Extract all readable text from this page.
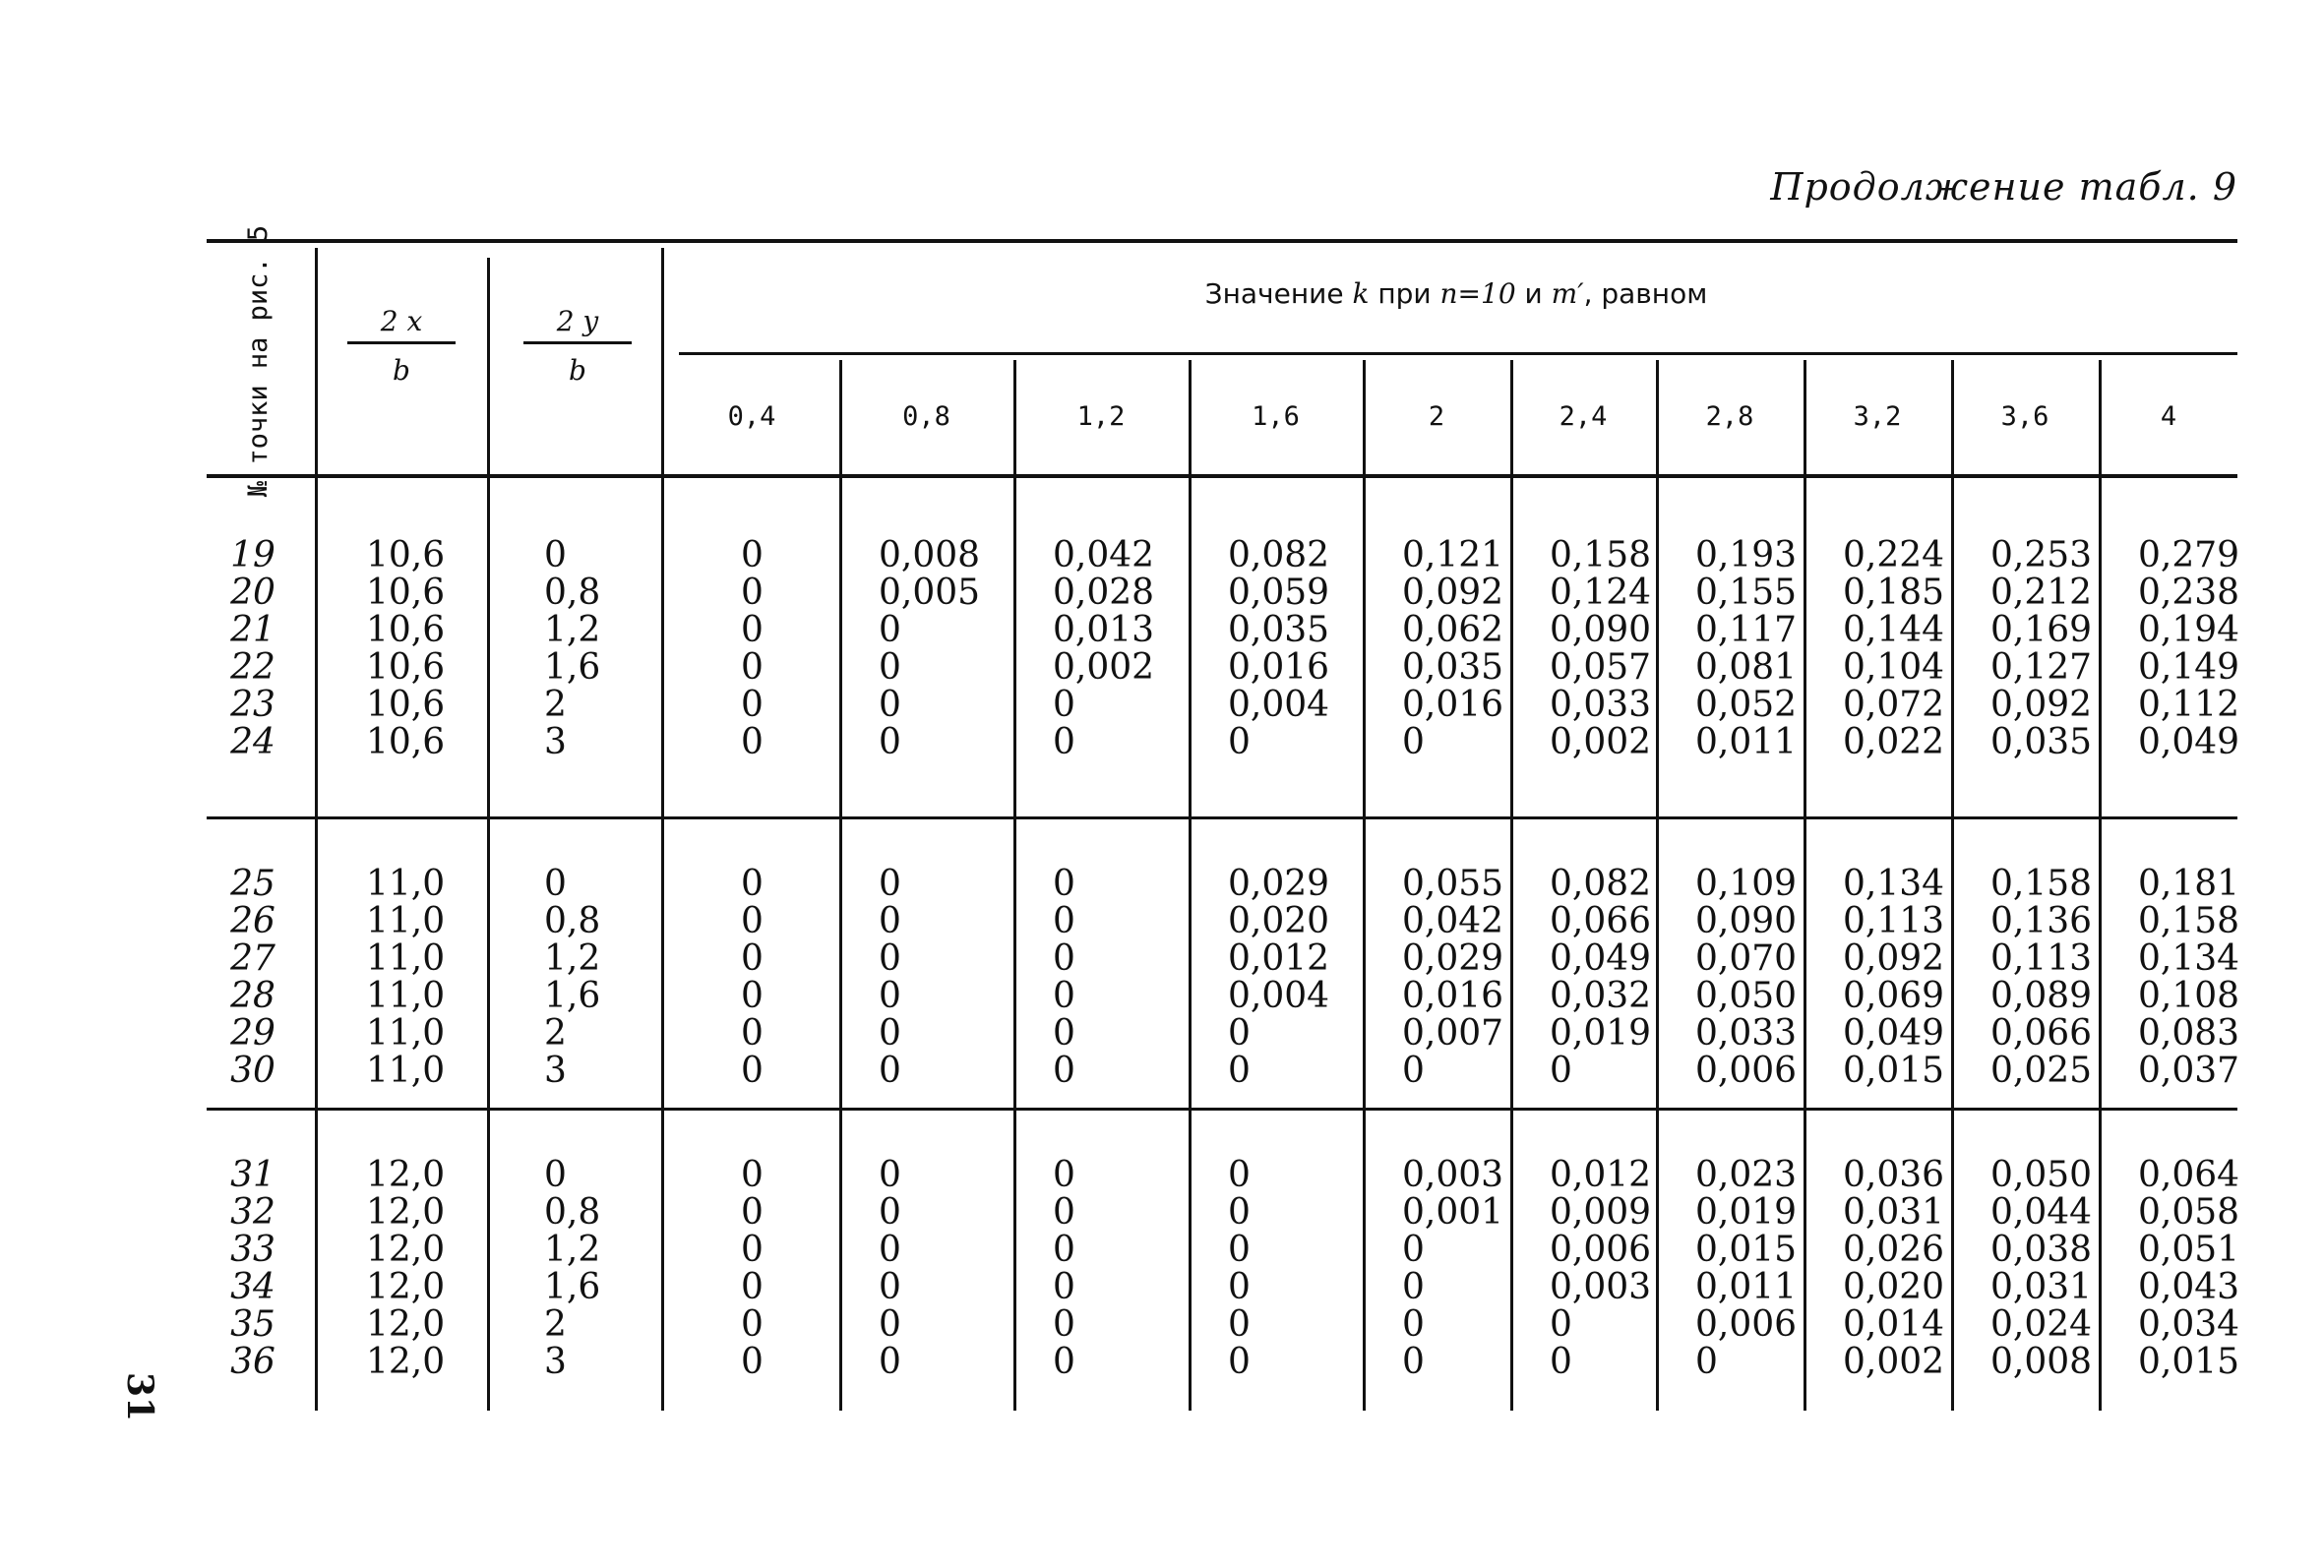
Продолжение табл. 9
№ точки на рис. 5	$\frac{2 x}{b} \frac{2 y}{b}$
Значение k при n=10 и m′, равном
0,4	0,8	1,2	1,6	2	2,4	2,8	3,2	3,6	4
19	10,6	0	0	0,008 0,042 0,082 0,121 0,158 0,193 0,224 0,253 0,279
20	10,6	0,8	0	0,005 0,028 0,059 0,092 0,124 0,155 0,185 0,212 0,238
21	10,6	1,2	0	0	0,013 0,035 0,062 0,090 0,117 0,144 0,169 0,194
22	10,6	1,6	0	0	0,002 0,016 0,035 0,057 0,081 0,104 0,127 0,149
23	10,6	2	0	0	0	0,004 0,016 0,033 0,052 0,072 0,092 0,112
24	10,6	3	0	0	0	0	0	0,002 0,011 0,022 0,035 0,049
25	11,0	0	0	0	0	0,029 0,055 0,082 0,109 0,134 0,158 0,181
26	11,0	0,8	0	0	0	0,020 0,042 0,066 0,090 0,113 0,136 0,158
27	11,0	1,2	0	0	0	0,012 0,029 0,049 0,070 0,092 0,113 0,134
28	11,0	1,6	0	0	0	0,004 0,016 0,032 0,050 0,069 0,089 0,108
29	11,0	2	0	0	0	0	0,007 0,019 0,033 0,049 0,066 0,083
30	11,0	3	0	0	0	0	0	0	0,006 0,015 0,025 0,037
31	12,0	0	0	0	0	0	0,003 0,012 0,023 0,036 0,050 0,064
32	12,0	0,8	0	0	0	0	0,001 0,009 0,019 0,031 0,044 0,058
33	12,0	1,2	0	0	0	0	0	0,006 0,015 0,026 0,038 0,051
34	12,0	1,6	0	0	0	0	0	0,003 0,011 0,020 0,031 0,043
35	12,0	2	0	0	0	0	0	0	0,006 0,014 0,024 0,034
36	12,0	3	0	0	0	0	0	0	0	0,002 0,008 0,015
31
